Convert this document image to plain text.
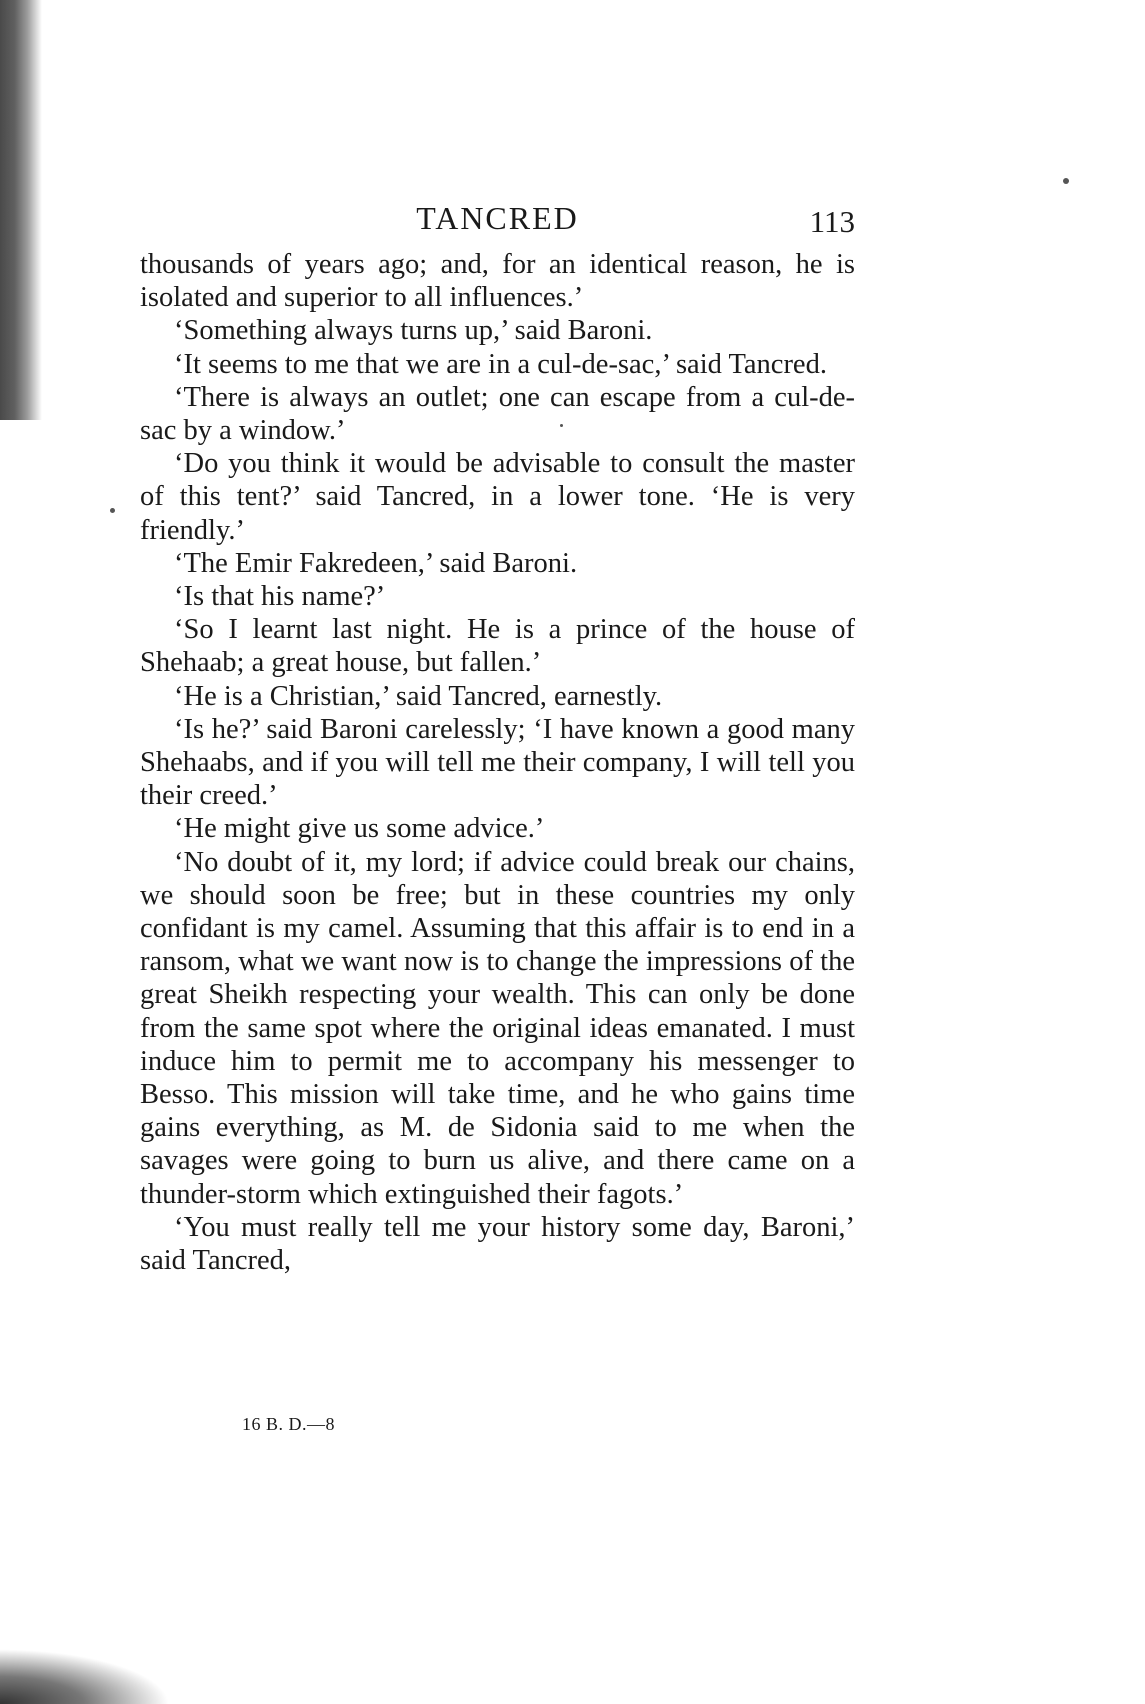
TANCRED	113

thousands of years ago; and, for an identical reason, he is isolated and superior to all influences.’

‘Something always turns up,’ said Baroni.

‘It seems to me that we are in a cul-de-sac,’ said Tancred.

‘There is always an outlet; one can escape from a cul-de-sac by a window.’

‘Do you think it would be advisable to consult the master of this tent?’ said Tancred, in a lower tone. ‘He is very friendly.’

‘The Emir Fakredeen,’ said Baroni.

‘Is that his name?’

‘So I learnt last night. He is a prince of the house of Shehaab; a great house, but fallen.’

‘He is a Christian,’ said Tancred, earnestly.

‘Is he?’ said Baroni carelessly; ‘I have known a good many Shehaabs, and if you will tell me their company, I will tell you their creed.’

‘He might give us some advice.’

‘No doubt of it, my lord; if advice could break our chains, we should soon be free; but in these countries my only confidant is my camel. Assuming that this affair is to end in a ransom, what we want now is to change the impressions of the great Sheikh respecting your wealth. This can only be done from the same spot where the original ideas emanated. I must induce him to permit me to accompany his messenger to Besso. This mission will take time, and he who gains time gains everything, as M. de Sidonia said to me when the savages were going to burn us alive, and there came on a thunder-storm which extinguished their fagots.’

‘You must really tell me your history some day, Baroni,’ said Tancred,

16 B. D.—8
